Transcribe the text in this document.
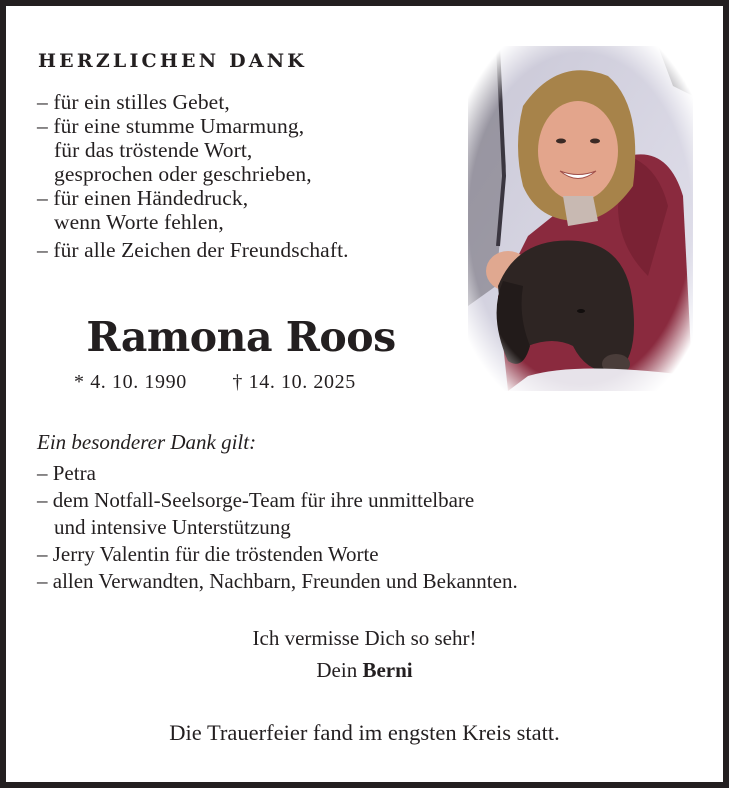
HERZLICHEN DANK
– für ein stilles Gebet,
– für eine stumme Umarmung,
für das tröstende Wort,
gesprochen oder geschrieben,
– für einen Händedruck,
wenn Worte fehlen,
– für alle Zeichen der Freundschaft.
Ramona Roos
* 4. 10. 1990 † 14. 10. 2025
Ein besonderer Dank gilt:
– Petra
– dem Notfall-Seelsorge-Team für ihre unmittelbare
und intensive Unterstützung
– Jerry Valentin für die tröstenden Worte
– allen Verwandten, Nachbarn, Freunden und Bekannten.
Ich vermisse Dich so sehr!
Dein Berni
Die Trauerfeier fand im engsten Kreis statt.
